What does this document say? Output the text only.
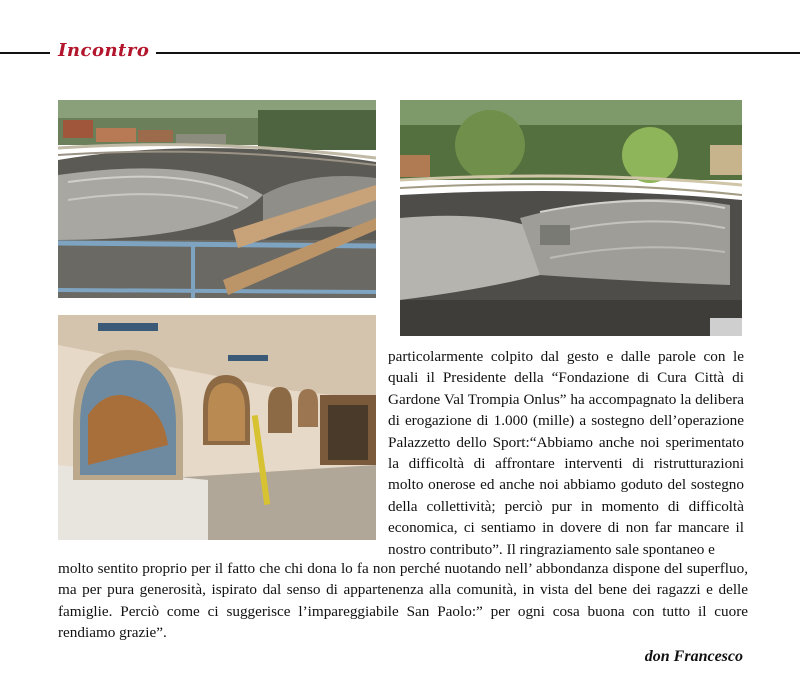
Incontro
particolarmente colpito dal gesto e dalle parole con le quali il Presidente della “Fondazione di Cura Città di Gardone Val Trompia Onlus” ha accompagnato la delibera di erogazione di 1.000 (mille) a sostegno dell’operazione Palazzetto dello Sport:“Abbiamo anche noi sperimentato la difficoltà di affrontare interventi di ristrutturazioni molto onerose ed anche noi abbiamo goduto del sostegno della collettività; perciò pur in momento di difficoltà economica, ci sentiamo in dovere di non far mancare il nostro contributo”. Il ringraziamento sale spontaneo e
molto sentito proprio per il fatto che chi dona lo fa non perché nuotando nell’ abbondanza dispone del superfluo, ma per pura generosità, ispirato dal senso di appartenenza alla comunità, in vista del bene dei ragazzi e delle famiglie. Perciò come ci suggerisce l’impareggiabile San Paolo:” per ogni cosa buona con tutto il cuore rendiamo grazie”.
don Francesco
